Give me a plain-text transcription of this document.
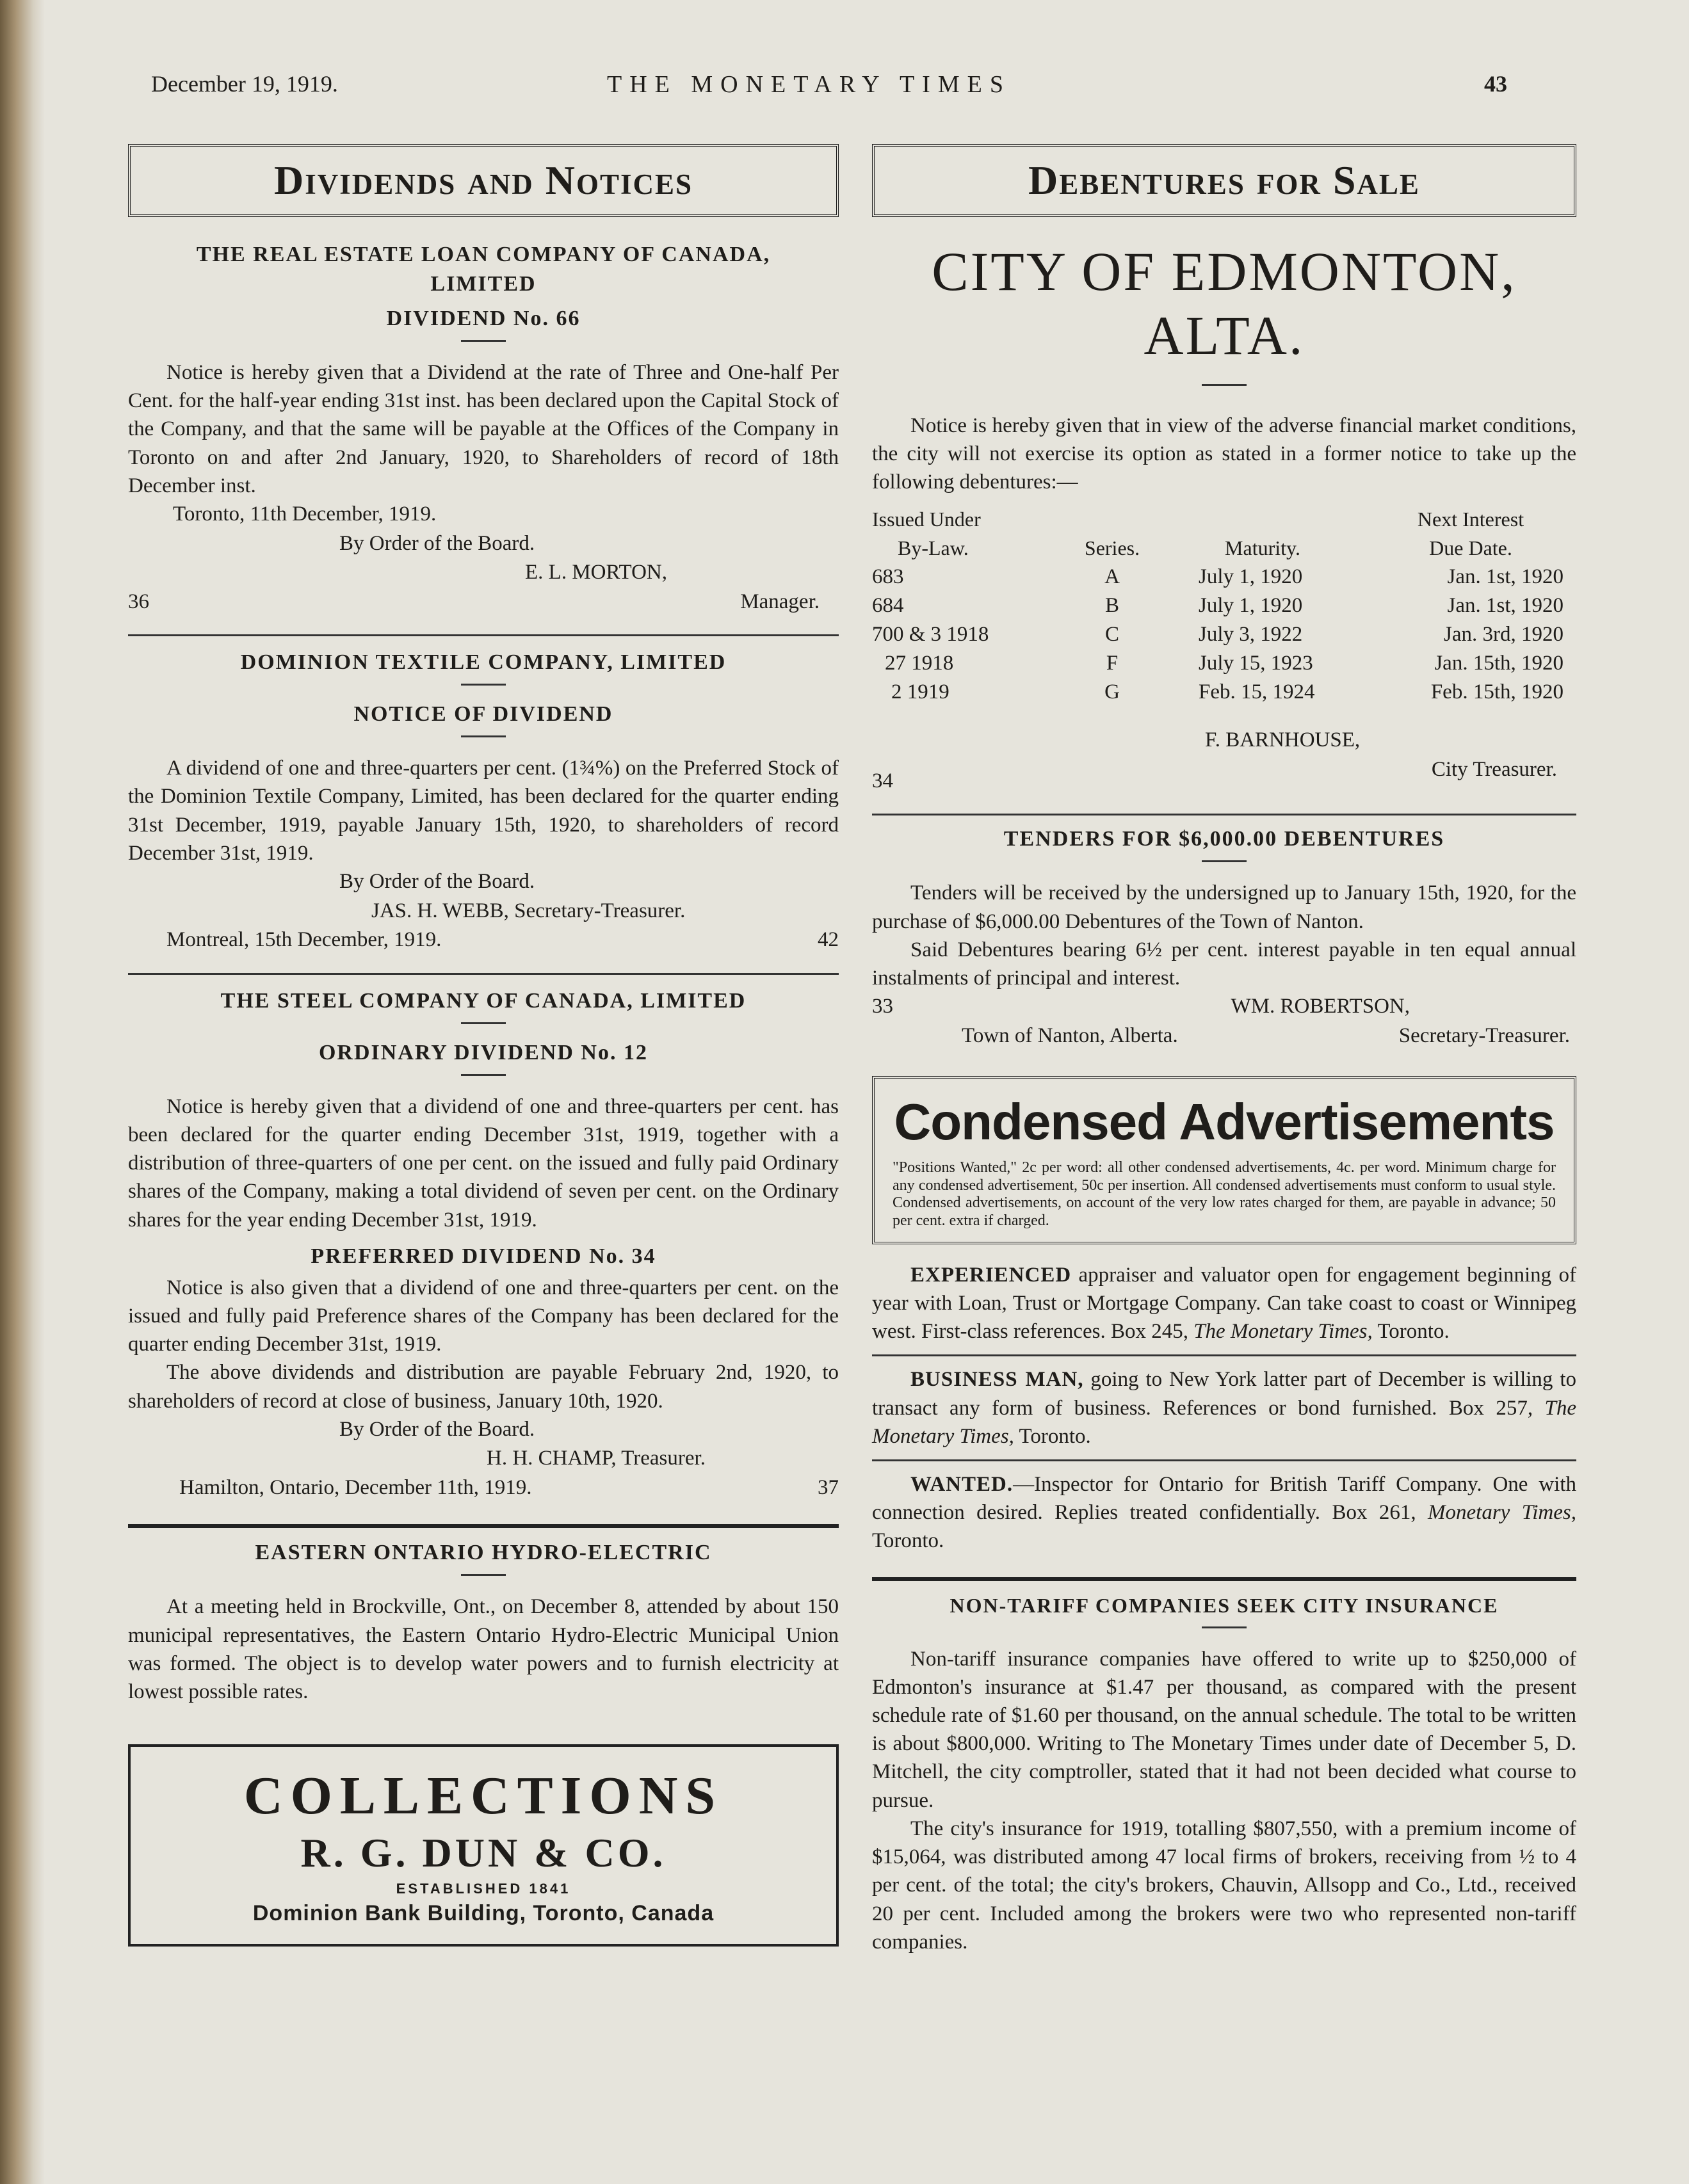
December 19, 1919.	THE MONETARY TIMES	43
Dividends and Notices
THE REAL ESTATE LOAN COMPANY OF CANADA,
LIMITED
DIVIDEND No. 66

Notice is hereby given that a Dividend at the rate of Three and One-half Per Cent. for the half-year ending 31st inst. has been declared upon the Capital Stock of the Company, and that the same will be payable at the Offices of the Company in Toronto on and after 2nd January, 1920, to Shareholders of record of 18th December inst.

Toronto, 11th December, 1919.
By Order of the Board.
E. L. MORTON,
36	Manager.
DOMINION TEXTILE COMPANY, LIMITED
NOTICE OF DIVIDEND

A dividend of one and three-quarters per cent. (1¾%) on the Preferred Stock of the Dominion Textile Company, Limited, has been declared for the quarter ending 31st December, 1919, payable January 15th, 1920, to shareholders of record December 31st, 1919.

By Order of the Board.
JAS. H. WEBB, Secretary-Treasurer.
Montreal, 15th December, 1919.	42
THE STEEL COMPANY OF CANADA, LIMITED
ORDINARY DIVIDEND No. 12

Notice is hereby given that a dividend of one and three-quarters per cent. has been declared for the quarter ending December 31st, 1919, together with a distribution of three-quarters of one per cent. on the issued and fully paid Ordinary shares of the Company, making a total dividend of seven per cent. on the Ordinary shares for the year ending December 31st, 1919.

PREFERRED DIVIDEND No. 34

Notice is also given that a dividend of one and three-quarters per cent. on the issued and fully paid Preference shares of the Company has been declared for the quarter ending December 31st, 1919.

The above dividends and distribution are payable February 2nd, 1920, to shareholders of record at close of business, January 10th, 1920.

By Order of the Board.
H. H. CHAMP, Treasurer.
Hamilton, Ontario, December 11th, 1919.	37
EASTERN ONTARIO HYDRO-ELECTRIC

At a meeting held in Brockville, Ont., on December 8, attended by about 150 municipal representatives, the Eastern Ontario Hydro-Electric Municipal Union was formed. The object is to develop water powers and to furnish electricity at lowest possible rates.

COLLECTIONS
R. G. DUN & CO.
ESTABLISHED 1841
Dominion Bank Building, Toronto, Canada
Debentures for Sale
CITY OF EDMONTON,
ALTA.

Notice is hereby given that in view of the adverse financial market conditions, the city will not exercise its option as stated in a former notice to take up the following debentures:—

Issued Under			Next Interest
By-Law.	Series.	Maturity.	Due Date.
683	A	July 1, 1920	Jan. 1st, 1920
684	B	July 1, 1920	Jan. 1st, 1920
700 & 3 1918	C	July 3, 1922	Jan. 3rd, 1920
27 1918	F	July 15, 1923	Jan. 15th, 1920
2 1919	G	Feb. 15, 1924	Feb. 15th, 1920
F. BARNHOUSE,
34	City Treasurer.
TENDERS FOR $6,000.00 DEBENTURES

Tenders will be received by the undersigned up to January 15th, 1920, for the purchase of $6,000.00 Debentures of the Town of Nanton.

Said Debentures bearing 6½ per cent. interest payable in ten equal annual instalments of principal and interest.

33	WM. ROBERTSON,
Town of Nanton, Alberta.	Secretary-Treasurer.
Condensed Advertisements
"Positions Wanted," 2c per word: all other condensed advertisements, 4c. per word. Minimum charge for any condensed advertisement, 50c per insertion. All condensed advertisements must conform to usual style. Condensed advertisements, on account of the very low rates charged for them, are payable in advance; 50 per cent. extra if charged.

EXPERIENCED appraiser and valuator open for engagement beginning of year with Loan, Trust or Mortgage Company. Can take coast to coast or Winnipeg west. First-class references. Box 245, The Monetary Times, Toronto.

BUSINESS MAN, going to New York latter part of December is willing to transact any form of business. References or bond furnished. Box 257, The Monetary Times, Toronto.

WANTED.—Inspector for Ontario for British Tariff Company. One with connection desired. Replies treated confidentially. Box 261, Monetary Times, Toronto.

NON-TARIFF COMPANIES SEEK CITY INSURANCE

Non-tariff insurance companies have offered to write up to $250,000 of Edmonton's insurance at $1.47 per thousand, as compared with the present schedule rate of $1.60 per thousand, on the annual schedule. The total to be written is about $800,000. Writing to The Monetary Times under date of December 5, D. Mitchell, the city comptroller, stated that it had not been decided what course to pursue.

The city's insurance for 1919, totalling $807,550, with a premium income of $15,064, was distributed among 47 local firms of brokers, receiving from ½ to 4 per cent. of the total; the city's brokers, Chauvin, Allsopp and Co., Ltd., received 20 per cent. Included among the brokers were two who represented non-tariff companies.
